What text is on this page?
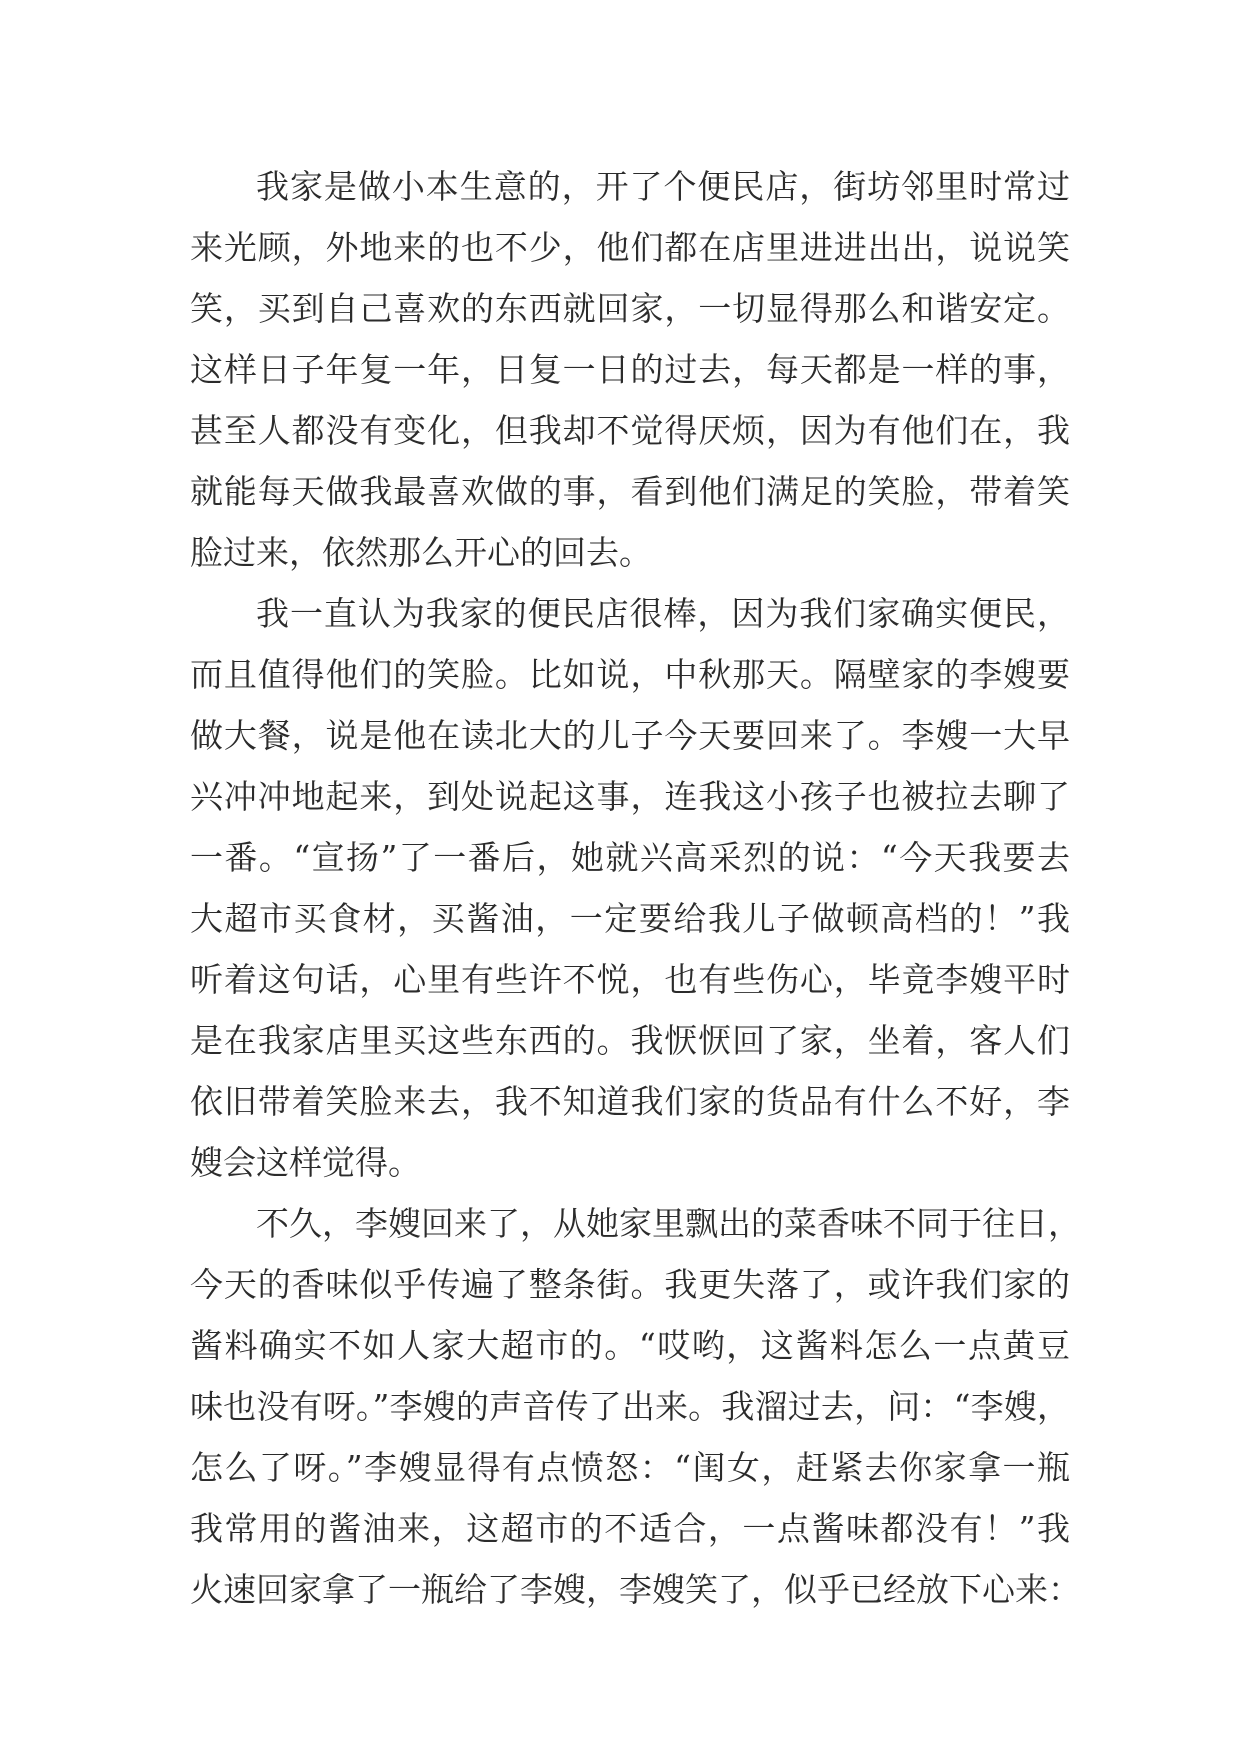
我家是做小本生意的，开了个便民店，街坊邻里时常过
来光顾，外地来的也不少，他们都在店里进进出出，说说笑
笑，买到自己喜欢的东西就回家，一切显得那么和谐安定。
这样日子年复一年，日复一日的过去，每天都是一样的事，
甚至人都没有变化，但我却不觉得厌烦，因为有他们在，我
就能每天做我最喜欢做的事，看到他们满足的笑脸，带着笑
脸过来，依然那么开心的回去。
我一直认为我家的便民店很棒，因为我们家确实便民，
而且值得他们的笑脸。比如说，中秋那天。隔壁家的李嫂要
做大餐，说是他在读北大的儿子今天要回来了。李嫂一大早
兴冲冲地起来，到处说起这事，连我这小孩子也被拉去聊了
一番。“宣扬”了一番后，她就兴高采烈的说：“今天我要去
大超市买食材，买酱油，一定要给我儿子做顿高档的！”我
听着这句话，心里有些许不悦，也有些伤心，毕竟李嫂平时
是在我家店里买这些东西的。我恹恹回了家，坐着，客人们
依旧带着笑脸来去，我不知道我们家的货品有什么不好，李
嫂会这样觉得。
不久，李嫂回来了，从她家里飘出的菜香味不同于往日，
今天的香味似乎传遍了整条街。我更失落了，或许我们家的
酱料确实不如人家大超市的。“哎哟，这酱料怎么一点黄豆
味也没有呀。”李嫂的声音传了出来。我溜过去，问：“李嫂，
怎么了呀。”李嫂显得有点愤怒：“闺女，赶紧去你家拿一瓶
我常用的酱油来，这超市的不适合，一点酱味都没有！”我
火速回家拿了一瓶给了李嫂，李嫂笑了，似乎已经放下心来：
